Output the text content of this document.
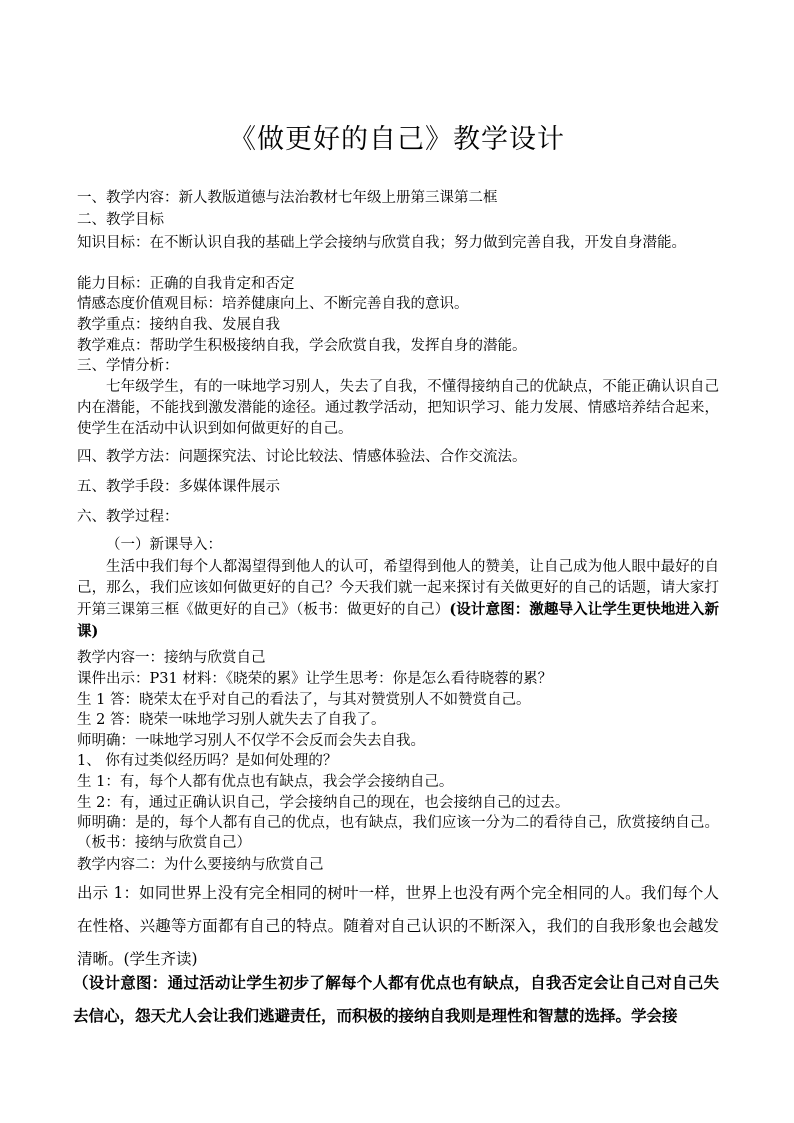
《做更好的自己》教学设计
一、教学内容：新人教版道德与法治教材七年级上册第三课第二框
二、教学目标
知识目标：在不断认识自我的基础上学会接纳与欣赏自我；努力做到完善自我，开发自身潜能。
能力目标：正确的自我肯定和否定
情感态度价值观目标：培养健康向上、不断完善自我的意识。
教学重点：接纳自我、发展自我
教学难点：帮助学生积极接纳自我，学会欣赏自我，发挥自身的潜能。
三、学情分析：
七年级学生，有的一味地学习别人，失去了自我，不懂得接纳自己的优缺点，不能正确认识自己内在潜能，不能找到激发潜能的途径。通过教学活动，把知识学习、能力发展、情感培养结合起来，使学生在活动中认识到如何做更好的自己。
四、教学方法：问题探究法、讨论比较法、情感体验法、合作交流法。
五、教学手段：多媒体课件展示
六、教学过程：
（一）新课导入：
生活中我们每个人都渴望得到他人的认可，希望得到他人的赞美，让自己成为他人眼中最好的自己，那么，我们应该如何做更好的自己？今天我们就一起来探讨有关做更好的自己的话题，请大家打开第三课第三框《做更好的自己》（板书：做更好的自己）(设计意图：激趣导入让学生更快地进入新课)
教学内容一：接纳与欣赏自己
课件出示：P31 材料：《晓荣的累》让学生思考：你是怎么看待晓蓉的累？
生 1 答：晓荣太在乎对自己的看法了，与其对赞赏别人不如赞赏自己。
生 2 答：晓荣一味地学习别人就失去了自我了。
师明确：一味地学习别人不仅学不会反而会失去自我。
1、 你有过类似经历吗？是如何处理的？
生 1：有，每个人都有优点也有缺点，我会学会接纳自己。
生 2：有，通过正确认识自己，学会接纳自己的现在，也会接纳自己的过去。
师明确：是的，每个人都有自己的优点，也有缺点，我们应该一分为二的看待自己，欣赏接纳自己。（板书：接纳与欣赏自己）
教学内容二：为什么要接纳与欣赏自己
出示 1：如同世界上没有完全相同的树叶一样，世界上也没有两个完全相同的人。我们每个人在性格、兴趣等方面都有自己的特点。随着对自己认识的不断深入，我们的自我形象也会越发清晰。(学生齐读)
（设计意图：通过活动让学生初步了解每个人都有优点也有缺点，自我否定会让自己对自己失去信心，怨天尤人会让我们逃避责任，而积极的接纳自我则是理性和智慧的选择。学会接
